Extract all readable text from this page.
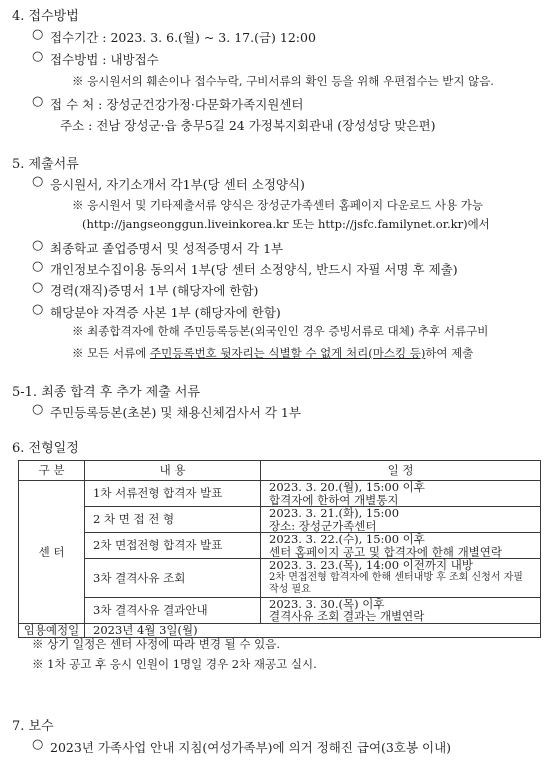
4. 접수방법
○ 접수기간 : 2023. 3. 6.(월) ~ 3. 17.(금) 12:00
○ 접수방법 : 내방접수
※ 응시원서의 훼손이나 접수누락, 구비서류의 확인 등을 위해 우편접수는 받지 않음.
○ 접 수 처 : 장성군건강가정·다문화가족지원센터
주소 : 전남 장성군·읍 충무5길 24 가정복지회관내 (장성성당 맞은편)
5. 제출서류
○ 응시원서, 자기소개서 각1부(당 센터 소정양식)
※ 응시원서 및 기타제출서류 양식은 장성군가족센터 홈페이지 다운로드 사용 가능
(http://jangseonggun.liveinkorea.kr 또는 http://jsfc.familynet.or.kr)에서
○ 최종학교 졸업증명서 및 성적증명서 각 1부
○ 개인정보수집이용 동의서 1부(당 센터 소정양식, 반드시 자필 서명 후 제출)
○ 경력(재직)증명서 1부 (해당자에 한함)
○ 해당분야 자격증 사본 1부 (해당자에 한함)
※ 최종합격자에 한해 주민등록등본(외국인인 경우 증빙서류로 대체) 추후 서류구비
※ 모든 서류에 주민등록번호 뒷자리는 식별할 수 없게 처리(마스킹 등)하여 제출
5-1. 최종 합격 후 추가 제출 서류
○ 주민등록등본(초본) 및 채용신체검사서 각 1부
6. 전형일정
구 분	내 용	일 정
센 터	1차 서류전형 합격자 발표	2023. 3. 20.(월), 15:00 이후
합격자에 한하여 개별통지

	2 차 면 접 전 형	2023. 3. 21.(화), 15:00
장소: 장성군가족센터

	2차 면접전형 합격자 발표	2023. 3. 22.(수), 15:00 이후
센터 홈페이지 공고 및 합격자에 한해 개별연락

	3차 결격사유 조회	2023. 3. 23.(목), 14:00 이전까지 내방
2차 면접전형 합격자에 한해 센터내방 후 조회 신청서 자필작성 필요

	3차 결격사유 결과안내	2023. 3. 30.(목) 이후
결격사유 조회 결과는 개별연락

임용예정일	2023년 4월 3일(월)	
※ 상기 일정은 센터 사정에 따라 변경 될 수 있음.
※ 1차 공고 후 응시 인원이 1명일 경우 2차 재공고 실시.
7. 보수
○ 2023년 가족사업 안내 지침(여성가족부)에 의거 정해진 급여(3호봉 이내)
